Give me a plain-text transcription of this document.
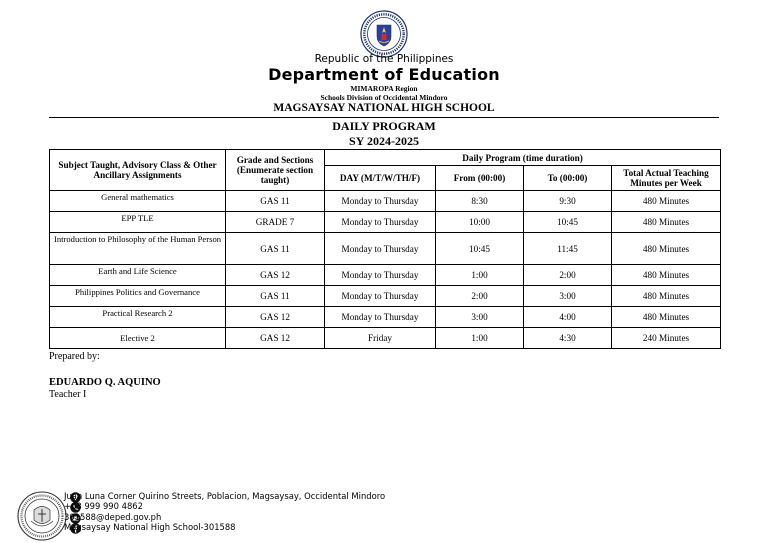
Republic of the Philippines
Department of Education
MIMAROPA Region
Schools Division of Occidental Mindoro
MAGSAYSAY NATIONAL HIGH SCHOOL
DAILY PROGRAM
SY 2024-2025
Subject Taught, Advisory Class & Other Ancillary Assignments	Grade and Sections (Enumerate section taught)	Daily Program (time duration)			
		DAY (M/T/W/TH/F)	From (00:00)	To (00:00)	Total Actual Teaching Minutes per Week
General mathematics	GAS 11	Monday to Thursday	8:30	9:30	480 Minutes
EPP TLE	GRADE 7	Monday to Thursday	10:00	10:45	480 Minutes
Introduction to Philosophy of the Human Person	GAS 11	Monday to Thursday	10:45	11:45	480 Minutes
Earth and Life Science	GAS 12	Monday to Thursday	1:00	2:00	480 Minutes
Philippines Politics and Governance	GAS 11	Monday to Thursday	2:00	3:00	480 Minutes
Practical Research 2	GAS 12	Monday to Thursday	3:00	4:00	480 Minutes
Elective 2	GAS 12	Friday	1:00	4:30	240 Minutes
Prepared by:
EDUARDO Q. AQUINO
Teacher I
Juan Luna Corner Quirino Streets, Poblacion, Magsaysay, Occidental Mindoro
+63 999 990 4862
301588@deped.gov.ph
Magsaysay National High School-301588
